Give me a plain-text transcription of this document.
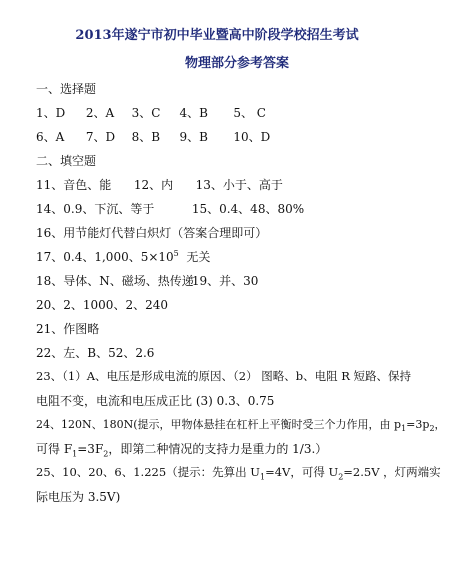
2013年遂宁市初中毕业暨高中阶段学校招生考试
物理部分参考答案
一、选择题
1、D 2、A 3、C 4、B 5、 C
6、A 7、D 8、B 9、B 10、D
二、填空题
11、音色、能 12、内 13、小于、高于
14、0.9、下沉、等于	15、0.4、48、80%
16、用节能灯代替白炽灯（答案合理即可）
17、0.4、1,000、$5\times 10^5$  无关
18、导体、N、磁场、热传递 19、并、30
20、2、1000、2、240
21、作图略
22、左、B、52、2.6
23、（1）A、电压是形成电流的原因、（2） 图略、b、电阻 R 短路、保持
电阻不变，电流和电压成正比 (3) 0.3、0.75
24、120N、180N(提示，甲物体悬挂在杠杆上平衡时受三个力作用，由 $p_1=3p_2$，
可得 $F_1=3F_2$，即第二种情况的支持力是重力的 1/3.）
25、10、20、6、1.225（提示：先算出 $U_1=4V$，可得 $U_2=2.5V$ ，灯两端实
际电压为 3.5V)
